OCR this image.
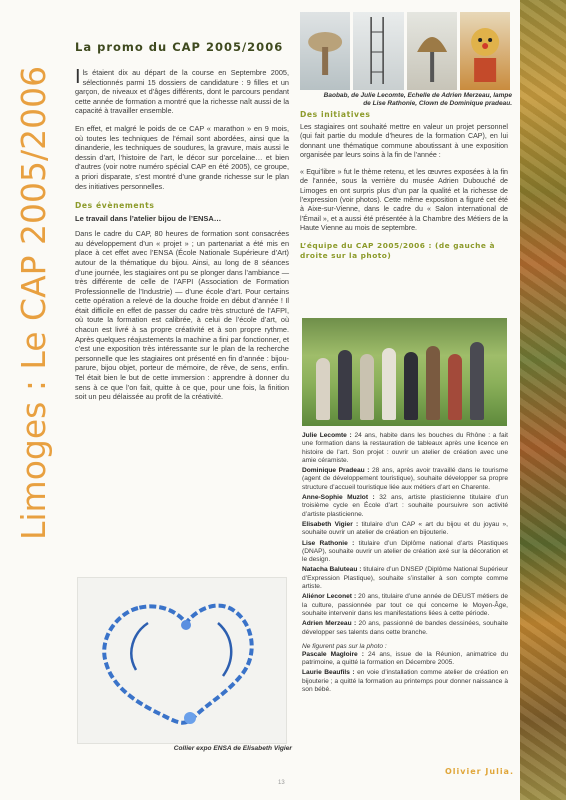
Limoges : Le CAP 2005/2006
La promo du CAP 2005/2006

Ils étaient dix au départ de la course en Septembre 2005, sélectionnés parmi 15 dossiers de candidature : 9 filles et un garçon, de niveaux et d’âges différents, dont le parcours pendant cette année de formation a montré que la richesse naît aussi de la capacité à travailler ensemble.

En effet, et malgré le poids de ce CAP « marathon » en 9 mois, où toutes les techniques de l’émail sont abordées, ainsi que la dinanderie, les techniques de soudures, la gravure, mais aussi le dessin d’art, l’histoire de l’art, le décor sur porcelaine… et bien d’autres (voir notre numéro spécial CAP en été 2005), ce groupe, a priori disparate, s’est montré d’une grande richesse sur le plan des initiatives personnelles.

Des évènements
Le travail dans l’atelier bijou de l’ENSA…

Dans le cadre du CAP, 80 heures de formation sont consacrées au développement d’un « projet » ; un partenariat a été mis en place à cet effet avec l’ENSA (École Nationale Supérieure d’Art) autour de la thématique du bijou. Ainsi, au long de 8 séances d’une journée, les stagiaires ont pu se plonger dans l’ambiance — très différente de celle de l’AFPI (Association de Formation Professionnelle de l’Industrie) — d’une école d’art. Pour certains cette opération a relevé de la douche froide en début d’année ! Il était difficile en effet de passer du cadre très structuré de l’AFPI, où toute la formation est calibrée, à celui de l’école d’art, où chacun est livré à sa propre créativité et à son propre rythme. Après quelques réajustements la machine a fini par fonctionner, et c’est une exposition très intéressante sur le plan de la recherche personnelle que les stagiaires ont présenté en fin d’année : bijou-parure, bijou objet, porteur de mémoire, de rêve, de sens, enfin. Tel était bien le but de cette immersion : apprendre à donner du sens à ce que l’on fait, quitte à ce que, pour une fois, la finition soit un peu délaissée au profit de la créativité.

Collier expo ENSA de Elisabeth Vigier
Baobab, de Julie Lecomte, Echelle de Adrien Merzeau, lampe de Lise Rathonie, Clown de Dominique pradeau.
Des initiatives

Les stagiaires ont souhaité mettre en valeur un projet personnel (qui fait partie du module d’heures de la formation CAP), en lui donnant une thématique commune aboutissant à une exposition organisée par leurs soins à la fin de l’année :

« Equi’libre » fut le thème retenu, et les œuvres exposées à la fin de l’année, sous la verrière du musée Adrien Dubouché de Limoges en ont surpris plus d’un par la qualité et la richesse de l’expression (voir photos). Cette même exposition a figuré cet été à Aixe-sur-Vienne, dans le cadre du « Salon international de l’Émail », et a aussi été présentée à la Chambre des Métiers de la Haute Vienne au mois de septembre.

L’équipe du CAP 2005/2006 : (de gauche à droite sur la photo)

Julie Lecomte : 24 ans, habite dans les bouches du Rhône : a fait une formation dans la restauration de tableaux après une licence en histoire de l’art. Son projet : ouvrir un atelier de création avec une amie céramiste.

Dominique Pradeau : 28 ans, après avoir travaillé dans le tourisme (agent de développement touristique), souhaite développer sa propre structure d’accueil touristique liée aux métiers d’art en Charente.

Anne-Sophie Muzlot : 32 ans, artiste plasticienne titulaire d’un troisième cycle en École d’art : souhaite poursuivre son activité d’artiste plasticienne.

Elisabeth Vigier : titulaire d’un CAP « art du bijou et du joyau », souhaite ouvrir un atelier de création en bijouterie.

Lise Rathonie : titulaire d’un Diplôme national d’arts Plastiques (DNAP), souhaite ouvrir un atelier de création axé sur la décoration et le design.

Natacha Baluteau : titulaire d’un DNSEP (Diplôme National Supérieur d’Expression Plastique), souhaite s’installer à son compte comme artiste.

Aliénor Leconet : 20 ans, titulaire d’une année de DEUST métiers de la culture, passionnée par tout ce qui concerne le Moyen-Âge, souhaite intervenir dans les manifestations liées à cette période.

Adrien Merzeau : 20 ans, passionné de bandes dessinées, souhaite développer ses talents dans cette branche.

Ne figurent pas sur la photo :

Pascale Magloire : 24 ans, issue de la Réunion, animatrice du patrimoine, a quitté la formation en Décembre 2005.

Laurie Beaufils : en voie d’installation comme atelier de création en bijouterie ; a quitté la formation au printemps pour donner naissance à son bébé.

Olivier Julia.
13
